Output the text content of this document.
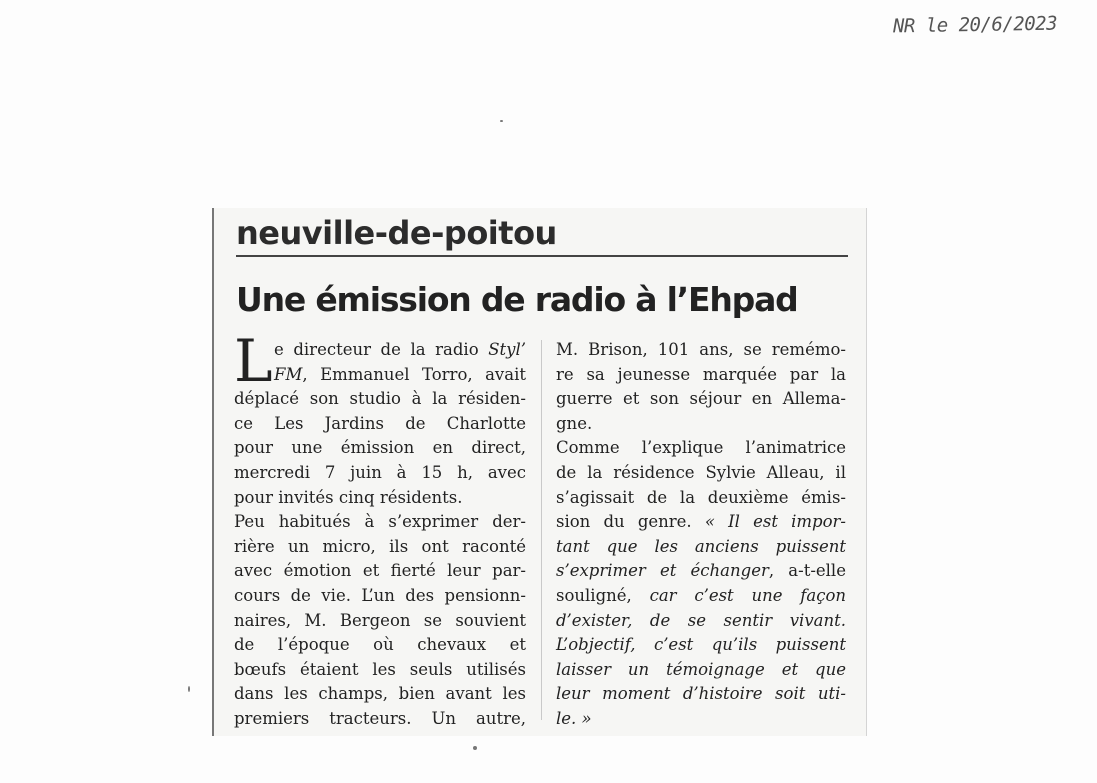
NR le 20/6/2023
neuville-de-poitou
Une émission de radio à l’Ehpad
L e directeur de la radio Styl’
FM, Emmanuel Torro, avait
déplacé son studio à la résiden-
ce Les Jardins de Charlotte
pour une émission en direct,
mercredi 7 juin à 15 h, avec
pour invités cinq résidents.
Peu habitués à s’exprimer der-
rière un micro, ils ont raconté
avec émotion et fierté leur par-
cours de vie. L’un des pensionn-
naires, M. Bergeon se souvient
de l’époque où chevaux et
bœufs étaient les seuls utilisés
dans les champs, bien avant les
premiers tracteurs. Un autre,
M. Brison, 101 ans, se remémo-
re sa jeunesse marquée par la
guerre et son séjour en Allema-
gne.
Comme l’explique l’animatrice
de la résidence Sylvie Alleau, il
s’agissait de la deuxième émis-
sion du genre. « Il est impor-
tant que les anciens puissent
s’exprimer et échanger, a-t-elle
souligné, car c’est une façon
d’exister, de se sentir vivant.
L’objectif, c’est qu’ils puissent
laisser un témoignage et que
leur moment d’histoire soit uti-
le. »
